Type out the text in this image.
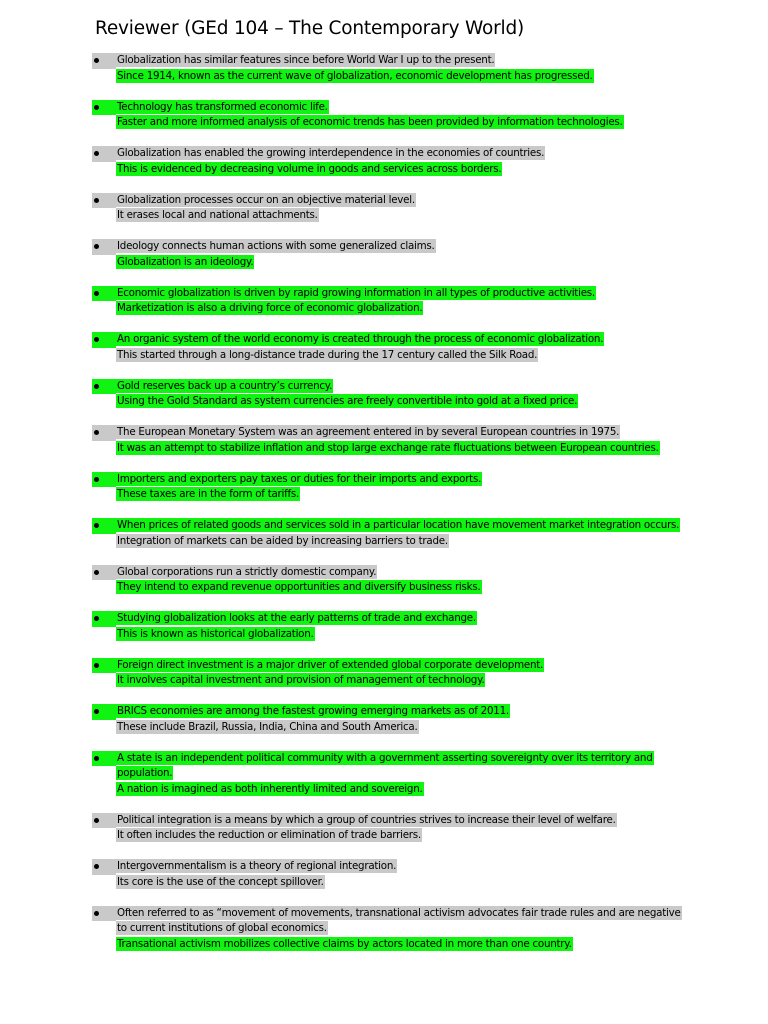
Reviewer (GEd 104 – The Contemporary World)
Globalization has similar features since before World War I up to the present.
Since 1914, known as the current wave of globalization, economic development has progressed.
Technology has transformed economic life.
Faster and more informed analysis of economic trends has been provided by information technologies.
Globalization has enabled the growing interdependence in the economies of countries.
This is evidenced by decreasing volume in goods and services across borders.
Globalization processes occur on an objective material level.
It erases local and national attachments.
Ideology connects human actions with some generalized claims.
Globalization is an ideology.
Economic globalization is driven by rapid growing information in all types of productive activities.
Marketization is also a driving force of economic globalization.
An organic system of the world economy is created through the process of economic globalization.
This started through a long-distance trade during the 17 century called the Silk Road.
Gold reserves back up a country’s currency.
Using the Gold Standard as system currencies are freely convertible into gold at a fixed price.
The European Monetary System was an agreement entered in by several European countries in 1975.
It was an attempt to stabilize inflation and stop large exchange rate fluctuations between European countries.
Importers and exporters pay taxes or duties for their imports and exports.
These taxes are in the form of tariffs.
When prices of related goods and services sold in a particular location have movement market integration occurs.
Integration of markets can be aided by increasing barriers to trade.
Global corporations run a strictly domestic company.
They intend to expand revenue opportunities and diversify business risks.
Studying globalization looks at the early patterns of trade and exchange.
This is known as historical globalization.
Foreign direct investment is a major driver of extended global corporate development.
It involves capital investment and provision of management of technology.
BRICS economies are among the fastest growing emerging markets as of 2011.
These include Brazil, Russia, India, China and South America.
A state is an independent political community with a government asserting sovereignty over its territory and
population.
A nation is imagined as both inherently limited and sovereign.
Political integration is a means by which a group of countries strives to increase their level of welfare.
It often includes the reduction or elimination of trade barriers.
Intergovernmentalism is a theory of regional integration.
Its core is the use of the concept spillover.
Often referred to as “movement of movements, transnational activism advocates fair trade rules and are negative
to current institutions of global economics.
Transational activism mobilizes collective claims by actors located in more than one country.
